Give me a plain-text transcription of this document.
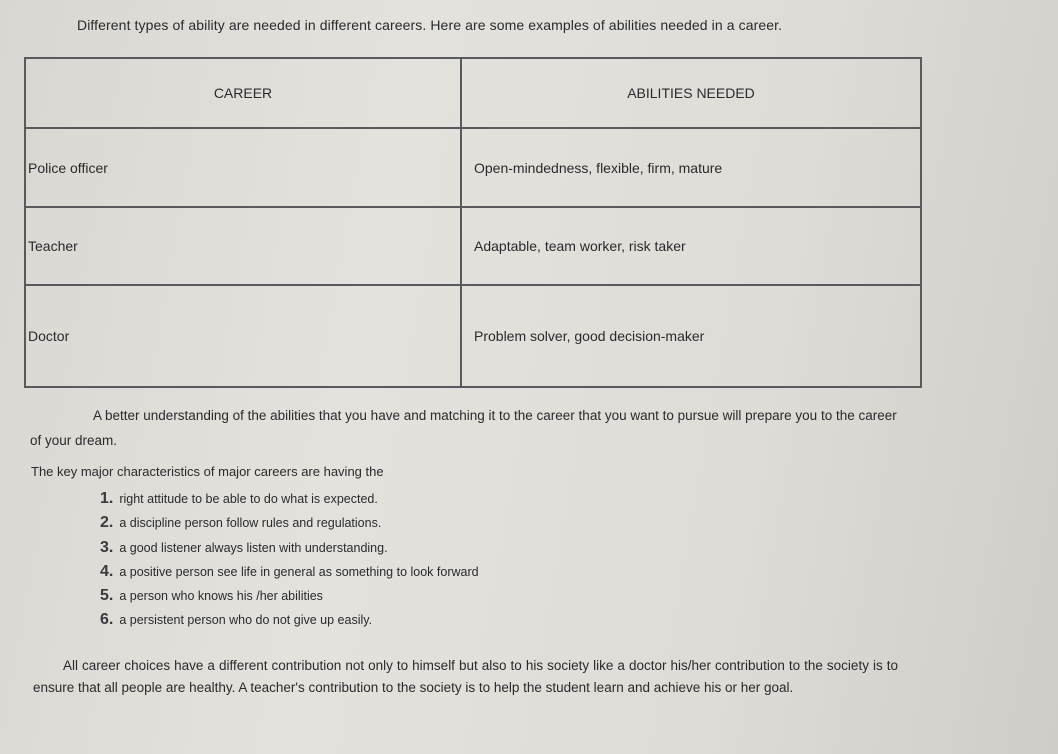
Different types of ability are needed in different careers. Here are some examples of abilities needed in a career.
CAREER	ABILITIES NEEDED
Police officer	Open-mindedness, flexible, firm, mature
Teacher	Adaptable, team worker, risk taker
Doctor	Problem solver, good decision-maker
A better understanding of the abilities that you have and matching it to the career that you want to pursue will prepare you to the career of your dream.
The key major characteristics of major careers are having the
1. right attitude to be able to do what is expected.
2. a discipline person follow rules and regulations.
3. a good listener always listen with understanding.
4. a positive person see life in general as something to look forward
5. a person who knows his /her abilities
6. a persistent person who do not give up easily.
All career choices have a different contribution not only to himself but also to his society like a doctor his/her contribution to the society is to ensure that all people are healthy. A teacher's contribution to the society is to help the student learn and achieve his or her goal.
